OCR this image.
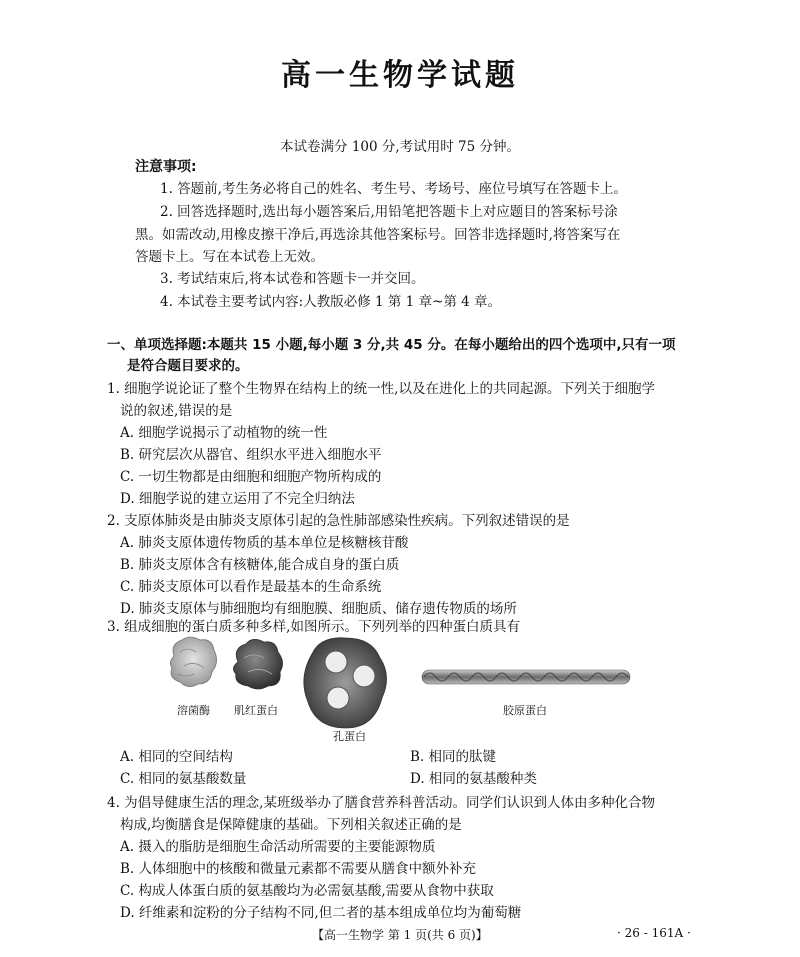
高一生物学试题
本试卷满分 100 分,考试用时 75 分钟。
注意事项:
1. 答题前,考生务必将自己的姓名、考生号、考场号、座位号填写在答题卡上。
2. 回答选择题时,选出每小题答案后,用铅笔把答题卡上对应题目的答案标号涂
黑。如需改动,用橡皮擦干净后,再选涂其他答案标号。回答非选择题时,将答案写在
答题卡上。写在本试卷上无效。
3. 考试结束后,将本试卷和答题卡一并交回。
4. 本试卷主要考试内容:人教版必修 1 第 1 章~第 4 章。
一、单项选择题:本题共 15 小题,每小题 3 分,共 45 分。在每小题给出的四个选项中,只有一项
是符合题目要求的。
1. 细胞学说论证了整个生物界在结构上的统一性,以及在进化上的共同起源。下列关于细胞学
说的叙述,错误的是
A. 细胞学说揭示了动植物的统一性
B. 研究层次从器官、组织水平进入细胞水平
C. 一切生物都是由细胞和细胞产物所构成的
D. 细胞学说的建立运用了不完全归纳法
2. 支原体肺炎是由肺炎支原体引起的急性肺部感染性疾病。下列叙述错误的是
A. 肺炎支原体遗传物质的基本单位是核糖核苷酸
B. 肺炎支原体含有核糖体,能合成自身的蛋白质
C. 肺炎支原体可以看作是最基本的生命系统
D. 肺炎支原体与肺细胞均有细胞膜、细胞质、储存遗传物质的场所
3. 组成细胞的蛋白质多种多样,如图所示。下列列举的四种蛋白质具有
溶菌酶 肌红蛋白
孔蛋白
胶原蛋白
A. 相同的空间结构	B. 相同的肽键
C. 相同的氨基酸数量	D. 相同的氨基酸种类
4. 为倡导健康生活的理念,某班级举办了膳食营养科普活动。同学们认识到人体由多种化合物
构成,均衡膳食是保障健康的基础。下列相关叙述正确的是
A. 摄入的脂肪是细胞生命活动所需要的主要能源物质
B. 人体细胞中的核酸和微量元素都不需要从膳食中额外补充
C. 构成人体蛋白质的氨基酸均为必需氨基酸,需要从食物中获取
D. 纤维素和淀粉的分子结构不同,但二者的基本组成单位均为葡萄糖
【高一生物学 第 1 页(共 6 页)】	· 26 - 161A ·
